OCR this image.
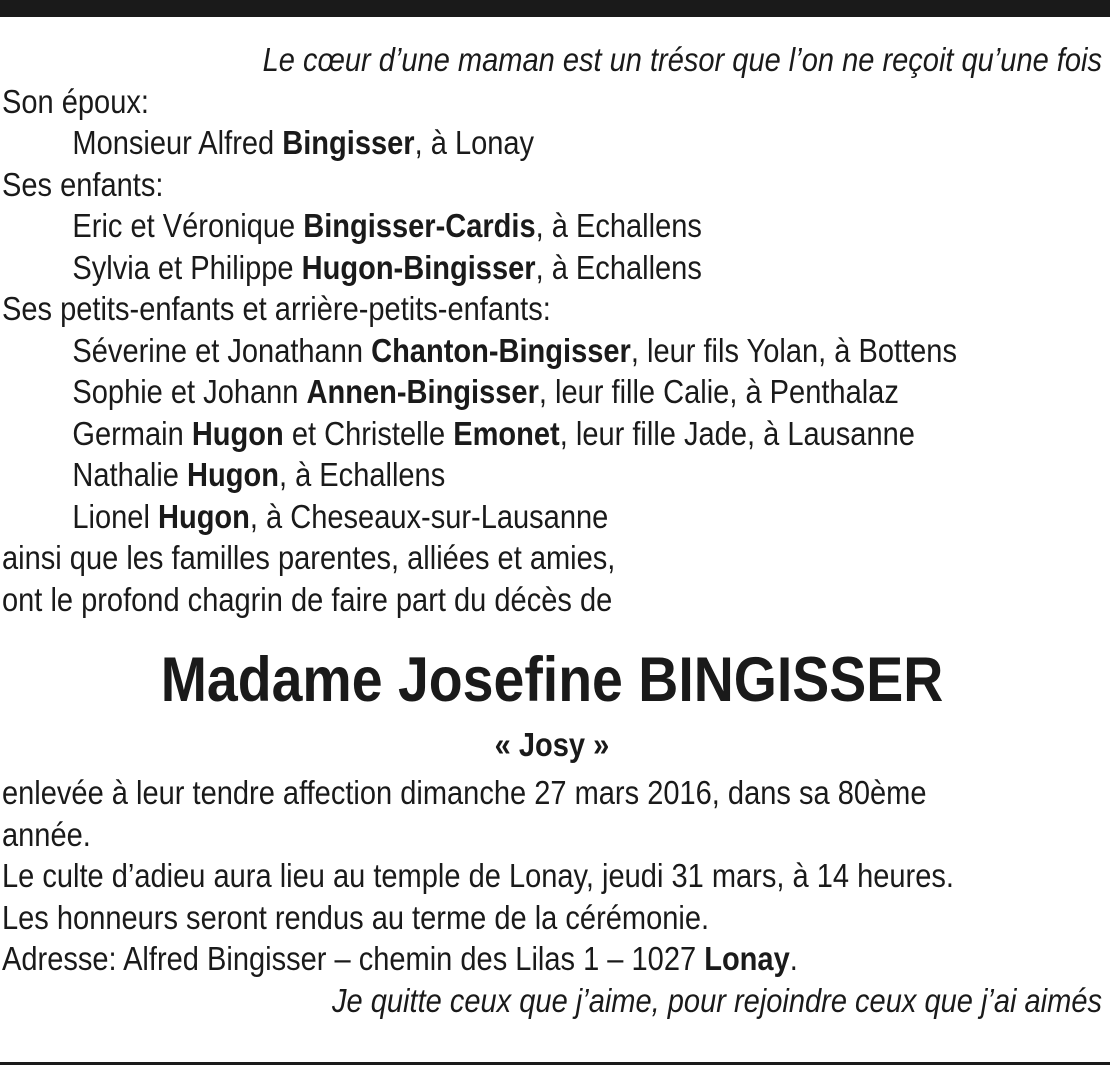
Le cœur d’une maman est un trésor que l’on ne reçoit qu’une fois
Son époux:
Monsieur Alfred Bingisser, à Lonay
Ses enfants:
Eric et Véronique Bingisser-Cardis, à Echallens
Sylvia et Philippe Hugon-Bingisser, à Echallens
Ses petits-enfants et arrière-petits-enfants:
Séverine et Jonathann Chanton-Bingisser, leur fils Yolan, à Bottens
Sophie et Johann Annen-Bingisser, leur fille Calie, à Penthalaz
Germain Hugon et Christelle Emonet, leur fille Jade, à Lausanne
Nathalie Hugon, à Echallens
Lionel Hugon, à Cheseaux-sur-Lausanne
ainsi que les familles parentes, alliées et amies,
ont le profond chagrin de faire part du décès de
Madame Josefine BINGISSER
« Josy »
enlevée à leur tendre affection dimanche 27 mars 2016, dans sa 80ème
année.
Le culte d’adieu aura lieu au temple de Lonay, jeudi 31 mars, à 14 heures.
Les honneurs seront rendus au terme de la cérémonie.
Adresse: Alfred Bingisser – chemin des Lilas 1 – 1027 Lonay.
Je quitte ceux que j’aime, pour rejoindre ceux que j’ai aimés
